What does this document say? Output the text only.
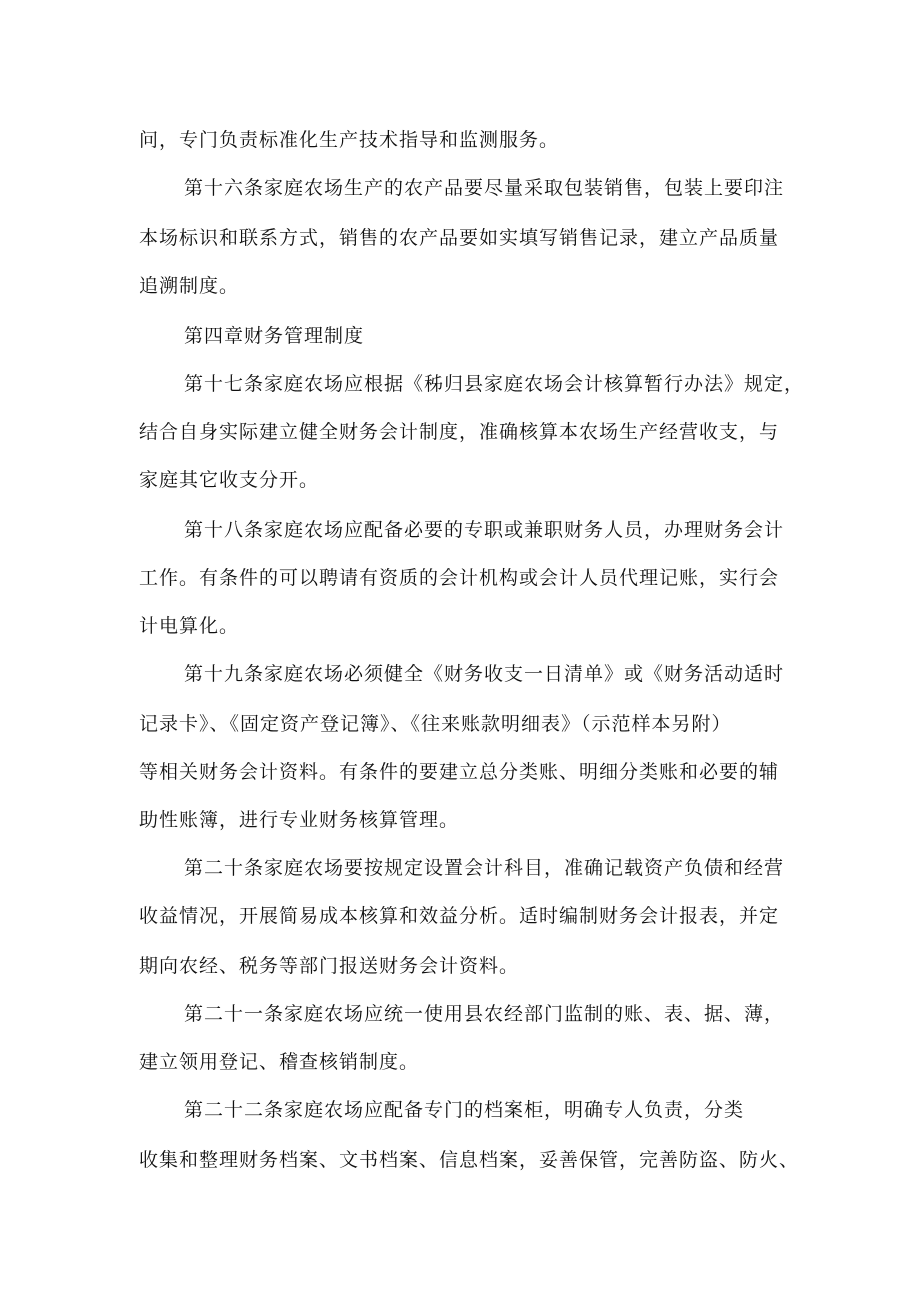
问，专门负责标准化生产技术指导和监测服务。
第十六条家庭农场生产的农产品要尽量采取包装销售，包装上要印注
本场标识和联系方式，销售的农产品要如实填写销售记录，建立产品质量
追溯制度。
第四章财务管理制度
第十七条家庭农场应根据《秭归县家庭农场会计核算暂行办法》规定，
结合自身实际建立健全财务会计制度，准确核算本农场生产经营收支，与
家庭其它收支分开。
第十八条家庭农场应配备必要的专职或兼职财务人员，办理财务会计
工作。有条件的可以聘请有资质的会计机构或会计人员代理记账，实行会
计电算化。
第十九条家庭农场必须健全《财务收支一日清单》或《财务活动适时
记录卡》、《固定资产登记簿》、《往来账款明细表》（示范样本另附）
等相关财务会计资料。有条件的要建立总分类账、明细分类账和必要的辅
助性账簿，进行专业财务核算管理。
第二十条家庭农场要按规定设置会计科目，准确记载资产负债和经营
收益情况，开展简易成本核算和效益分析。适时编制财务会计报表，并定
期向农经、税务等部门报送财务会计资料。
第二十一条家庭农场应统一使用县农经部门监制的账、表、据、薄，
建立领用登记、稽查核销制度。
第二十二条家庭农场应配备专门的档案柜，明确专人负责，分类
收集和整理财务档案、文书档案、信息档案，妥善保管，完善防盗、防火、
